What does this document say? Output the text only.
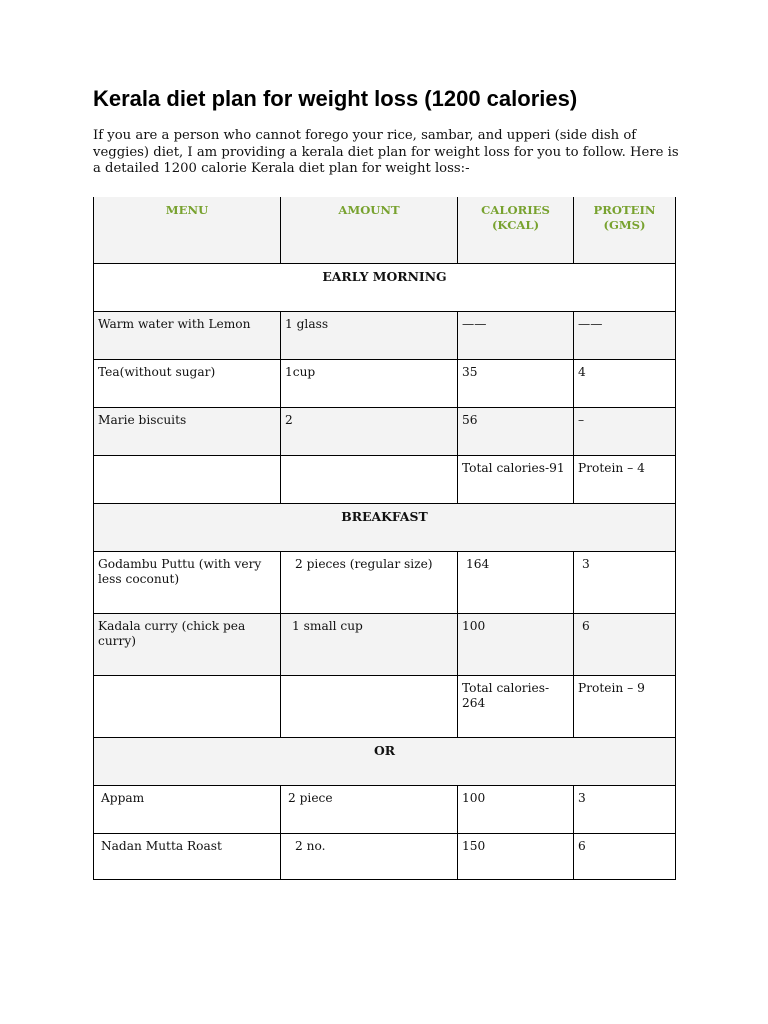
Kerala diet plan for weight loss (1200 calories)
If you are a person who cannot forego your rice, sambar, and upperi (side dish of veggies) diet, I am providing a kerala diet plan for weight loss for you to follow. Here is a detailed 1200 calorie Kerala diet plan for weight loss:-
MENU	AMOUNT	CALORIES (KCAL)	PROTEIN (GMS)
EARLY MORNING			
Warm water with Lemon	1 glass	——	——
Tea(without sugar)	1cup	35	4
Marie biscuits	2	56	–
		Total calories-91	Protein – 4
BREAKFAST			
Godambu Puttu (with very less coconut)	2 pieces (regular size)	164	3
Kadala curry (chick pea curry)	1 small cup	100	6
		Total calories-264	Protein – 9
OR			
Appam	2 piece	100	3
Nadan Mutta Roast	2 no.	150	6
